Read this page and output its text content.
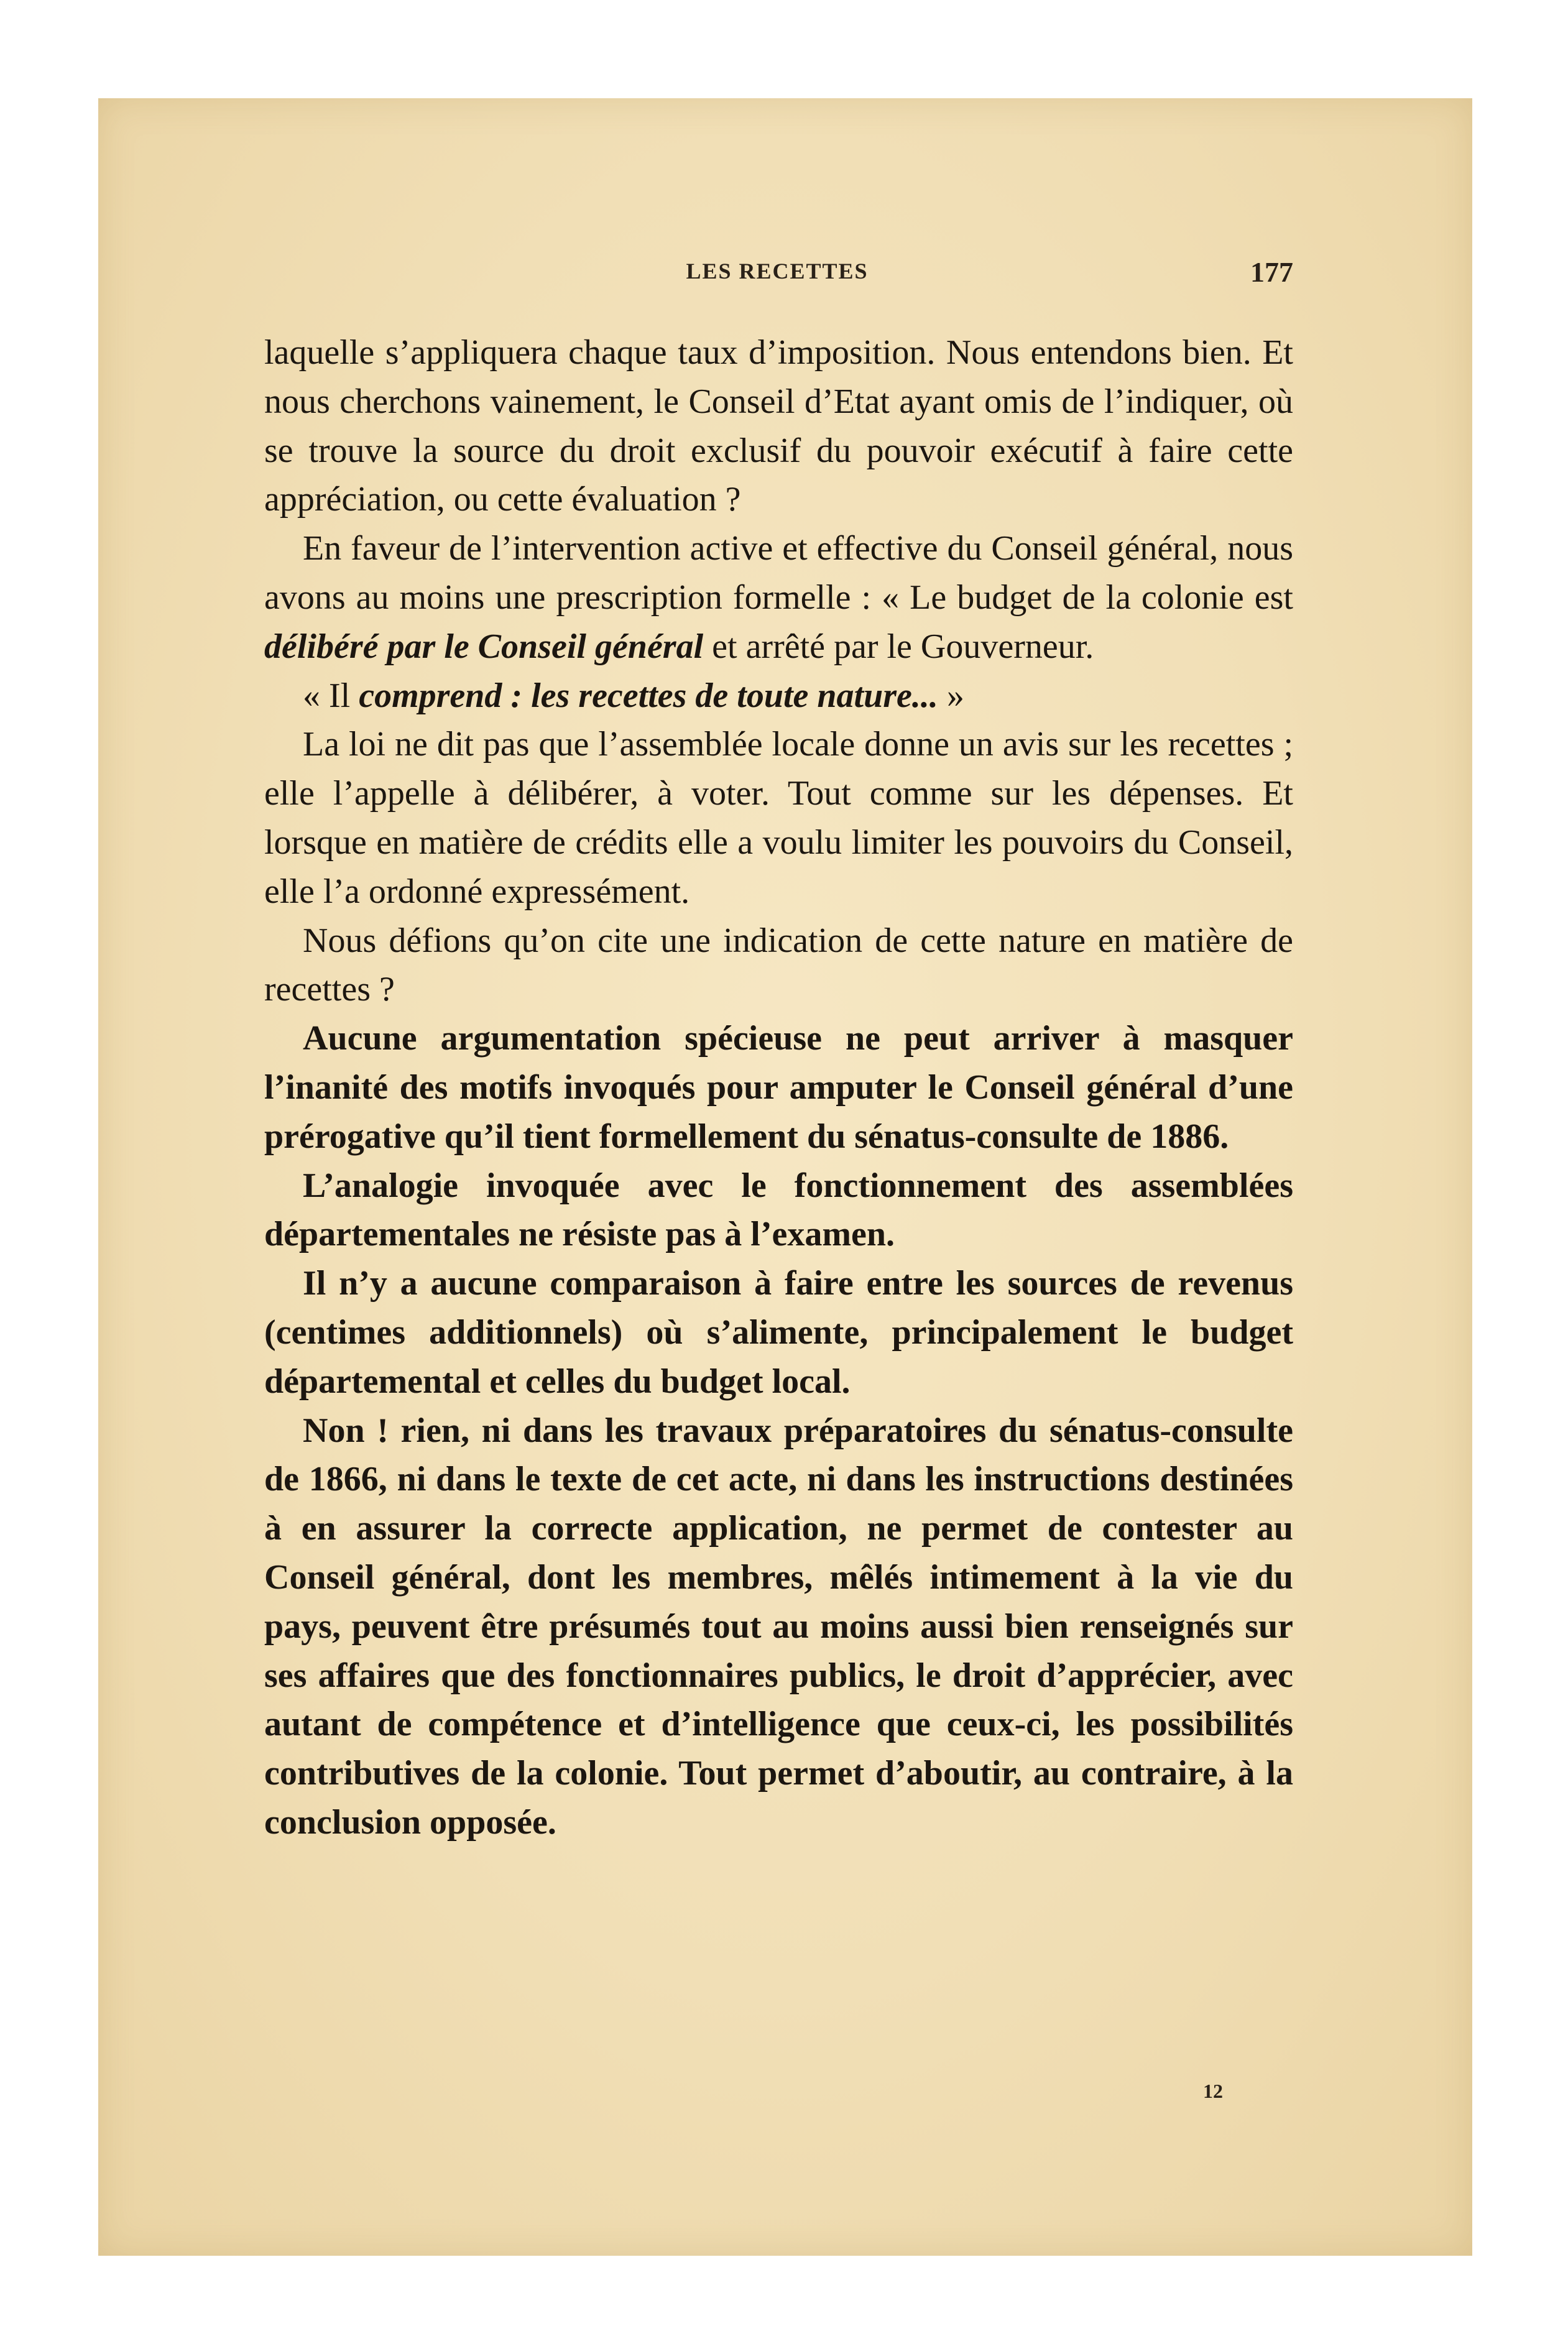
LES RECETTES	177

laquelle s’appliquera chaque taux d’imposition. Nous entendons bien. Et nous cherchons vainement, le Conseil d’Etat ayant omis de l’indiquer, où se trouve la source du droit exclusif du pouvoir exécutif à faire cette appréciation, ou cette évaluation ?

En faveur de l’intervention active et effective du Conseil général, nous avons au moins une prescription formelle : « Le budget de la colonie est délibéré par le Conseil général et arrêté par le Gouverneur.

« Il comprend : les recettes de toute nature... »

La loi ne dit pas que l’assemblée locale donne un avis sur les recettes ; elle l’appelle à délibérer, à voter. Tout comme sur les dépenses. Et lorsque en matière de crédits elle a voulu limiter les pouvoirs du Conseil, elle l’a ordonné expressément.

Nous défions qu’on cite une indication de cette nature en matière de recettes ?

Aucune argumentation spécieuse ne peut arriver à masquer l’inanité des motifs invoqués pour amputer le Conseil général d’une prérogative qu’il tient formellement du sénatus-consulte de 1886.

L’analogie invoquée avec le fonctionnement des assemblées départementales ne résiste pas à l’examen.

Il n’y a aucune comparaison à faire entre les sources de revenus (centimes additionnels) où s’alimente, principalement le budget départemental et celles du budget local.

Non ! rien, ni dans les travaux préparatoires du sénatus-consulte de 1866, ni dans le texte de cet acte, ni dans les instructions destinées à en assurer la correcte application, ne permet de contester au Conseil général, dont les membres, mêlés intimement à la vie du pays, peuvent être présumés tout au moins aussi bien renseignés sur ses affaires que des fonctionnaires publics, le droit d’apprécier, avec autant de compétence et d’intelligence que ceux-ci, les possibilités contributives de la colonie. Tout permet d’aboutir, au contraire, à la conclusion opposée.

12
